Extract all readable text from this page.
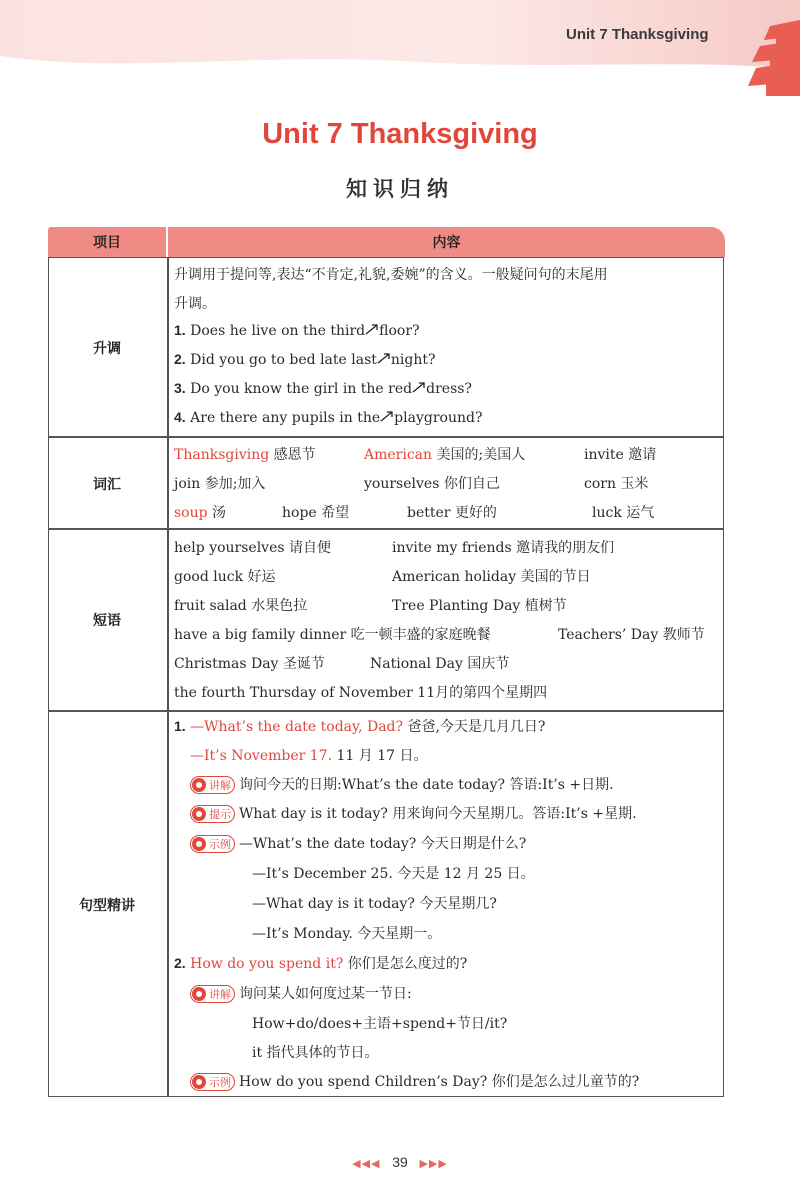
Unit 7 Thanksgiving
Unit 7 Thanksgiving
知识归纳
项目	内容
升调
升调用于提问等,表达“不肯定,礼貌,委婉”的含义。一般疑问句的末尾用
升调。
1. Does he live on the third floor?
2. Did you go to bed late last night?
3. Do you know the girl in the red dress?
4. Are there any pupils in the playground?
词汇
Thanksgiving 感恩节	American 美国的;美国人	invite 邀请
join 参加;加入	yourselves 你们自己	corn 玉米
soup 汤	hope 希望	better 更好的	luck 运气
短语
help yourselves 请自便	invite my friends 邀请我的朋友们
good luck 好运	American holiday 美国的节日
fruit salad 水果色拉	Tree Planting Day 植树节
have a big family dinner 吃一顿丰盛的家庭晚餐	Teachers’ Day 教师节
Christmas Day 圣诞节	National Day 国庆节
the fourth Thursday of November 11月的第四个星期四
句型精讲
1. —What’s the date today, Dad? 爸爸,今天是几月几日?
—It’s November 17. 11 月 17 日。
讲解 询问今天的日期:What’s the date today? 答语:It’s +日期.
提示 What day is it today? 用来询问今天星期几。答语:It’s +星期.
示例 —What’s the date today? 今天日期是什么?
—It’s December 25. 今天是 12 月 25 日。
—What day is it today? 今天星期几?
—It’s Monday. 今天星期一。
2. How do you spend it? 你们是怎么度过的?
讲解 询问某人如何度过某一节日:
How+do/does+主语+spend+节日/it?
it 指代具体的节日。
示例 How do you spend Children’s Day? 你们是怎么过儿童节的?
◀◀◀ 39 ▶▶▶
